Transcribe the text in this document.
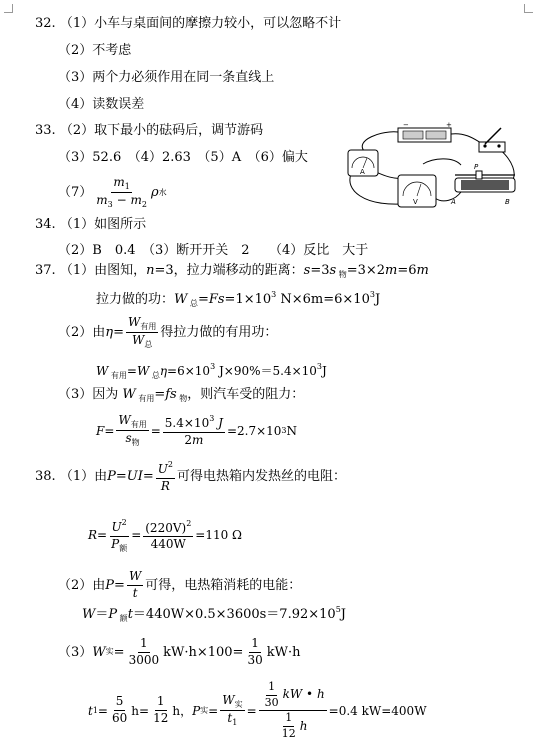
32. （1）小车与桌面间的摩擦力较小，可以忽略不计
（2）不考虑
（3）两个力必须作用在同一条直线上
（4）读数误差
33. （2）取下最小的砝码后，调节游码
（3）52.6　（4）2.63　（5）A　（6）偏大
$(7) \frac{m_1}{m_3 - m_2}$ ρ 水
−	+
A
V
P
A	B
34. （1）如图所示
（2）B　0.4　（3）断开开关　2　　（4）反比　大于
37. （1）由图知，n=3，拉力端移动的距离：s=3s $_物$=3×2m=6m
拉力做的功：W $_总=Fs=1\times 10^3$ $N\times 6m=6\times 10^3J$
（2）由 $\eta = \frac{W_{有用}}{W_总}$ 得拉力做的有用功：
W $_{有用}$=W $_总\eta=6\times 10^3$ $J\times 90\%=5.4\times 10^3J$
（3）因为 W $_{有用}$=fs $_物$，则汽车受的阻力：
$F = \frac{W_{有用}}{s_物} = \frac{5.4\times 10^3 J}{2m} =2.7\times 10$ 3 N
38.
（1）由 P = UI = $\frac{U^2}{R}$ 可得电热箱内发热丝的电阻：
$R = \frac{U^2}{P_额} = \frac{(220V)^2}{440W} =110$ Ω
（2）由 $P = \frac{W}{t}$ 可得，电热箱消耗的电能：
W＝P $_额t=440W\times 0.5\times 3600s=7.92\times 10^5J$
（3） W 实 = $\frac{1}{3000} kW\cdot h\times 100= \frac{1}{30} kW\cdot h$
t $1 = \frac{5}{60} h= \frac{1}{12}$ h， P 实 = $\frac{W_实}{t_1} = \frac{\frac{1}{30} kW • h}{\frac{1}{12} h} =0.4$ kW=400W
